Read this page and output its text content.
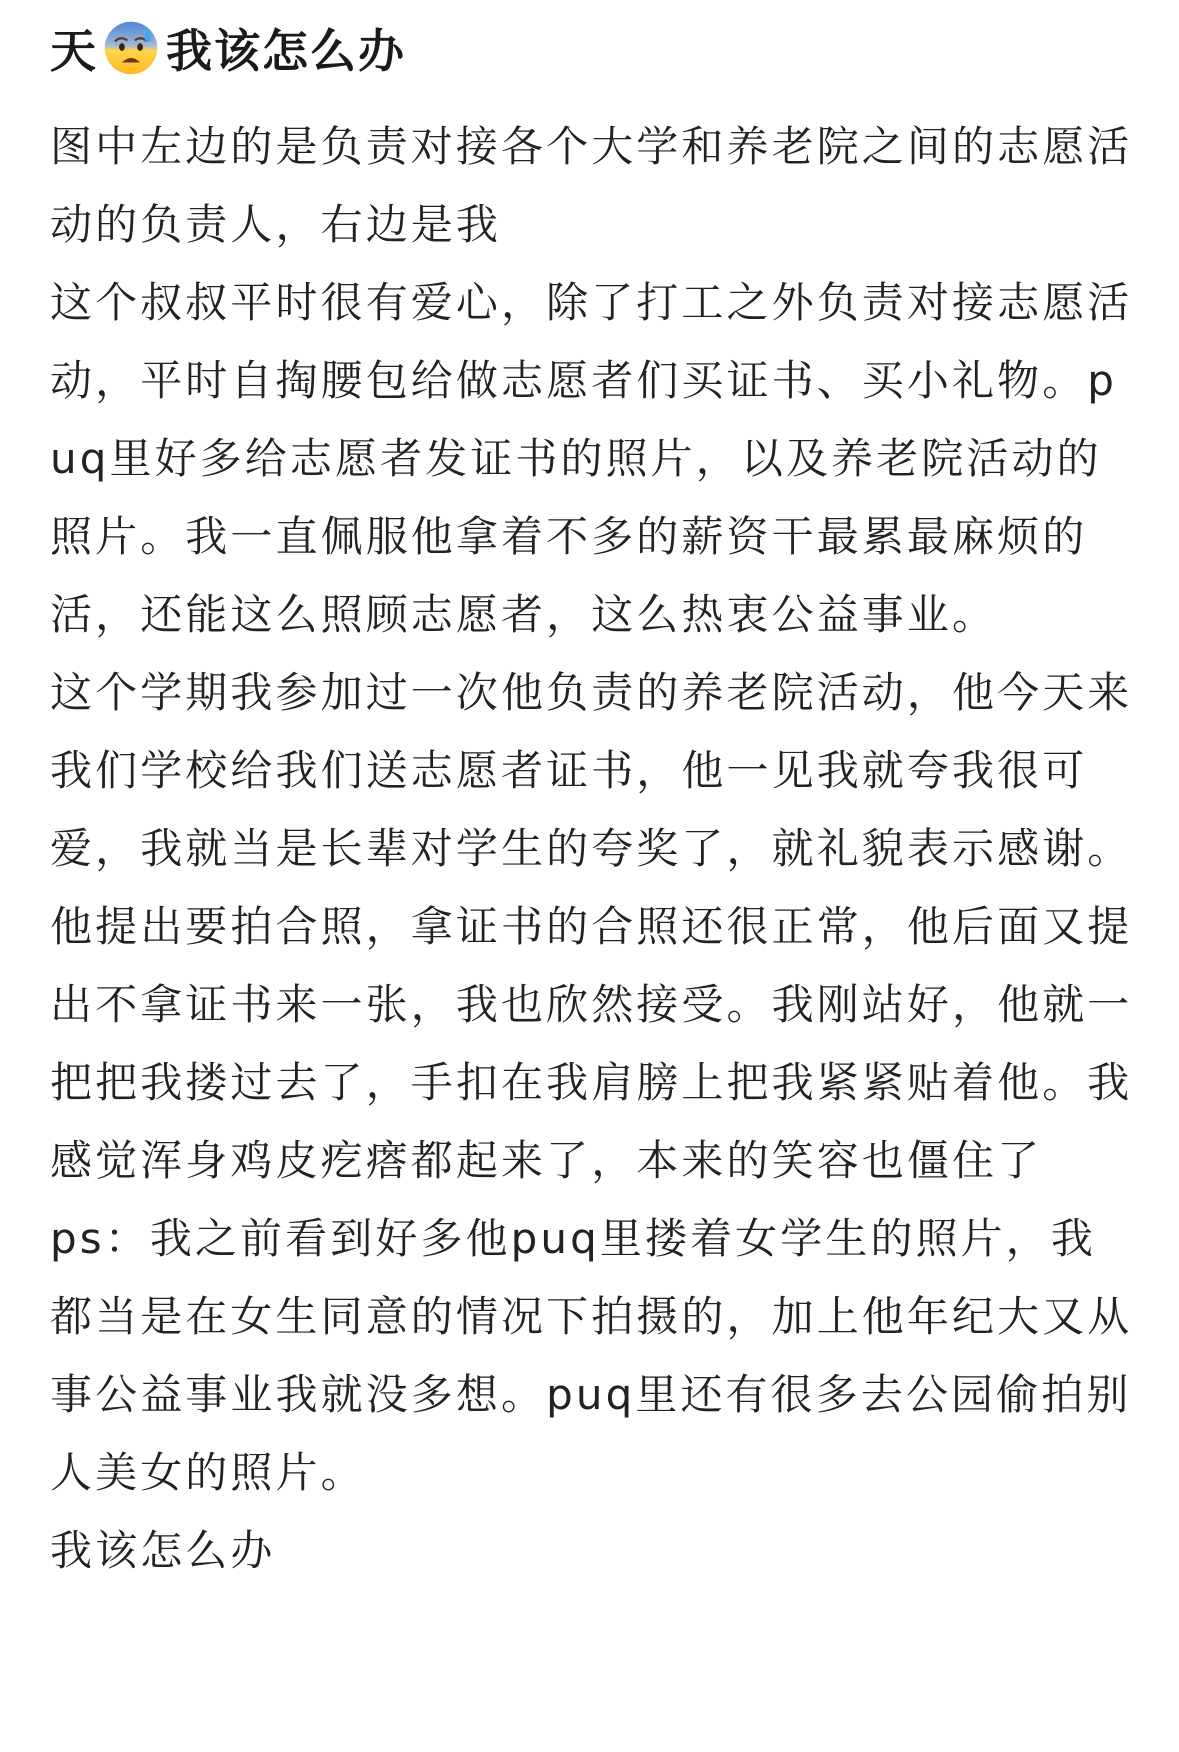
天 我该怎么办

图中左边的是负责对接各个大学和养老院之间的志愿活动的负责人，右边是我

这个叔叔平时很有爱心，除了打工之外负责对接志愿活动，平时自掏腰包给做志愿者们买证书、买小礼物。puq里好多给志愿者发证书的照片，以及养老院活动的照片。我一直佩服他拿着不多的薪资干最累最麻烦的活，还能这么照顾志愿者，这么热衷公益事业。

这个学期我参加过一次他负责的养老院活动，他今天来我们学校给我们送志愿者证书，他一见我就夸我很可爱，我就当是长辈对学生的夸奖了，就礼貌表示感谢。他提出要拍合照，拿证书的合照还很正常，他后面又提出不拿证书来一张，我也欣然接受。我刚站好，他就一把把我搂过去了，手扣在我肩膀上把我紧紧贴着他。我感觉浑身鸡皮疙瘩都起来了，本来的笑容也僵住了

ps：我之前看到好多他puq里搂着女学生的照片，我都当是在女生同意的情况下拍摄的，加上他年纪大又从事公益事业我就没多想。puq里还有很多去公园偷拍别人美女的照片。

我该怎么办
